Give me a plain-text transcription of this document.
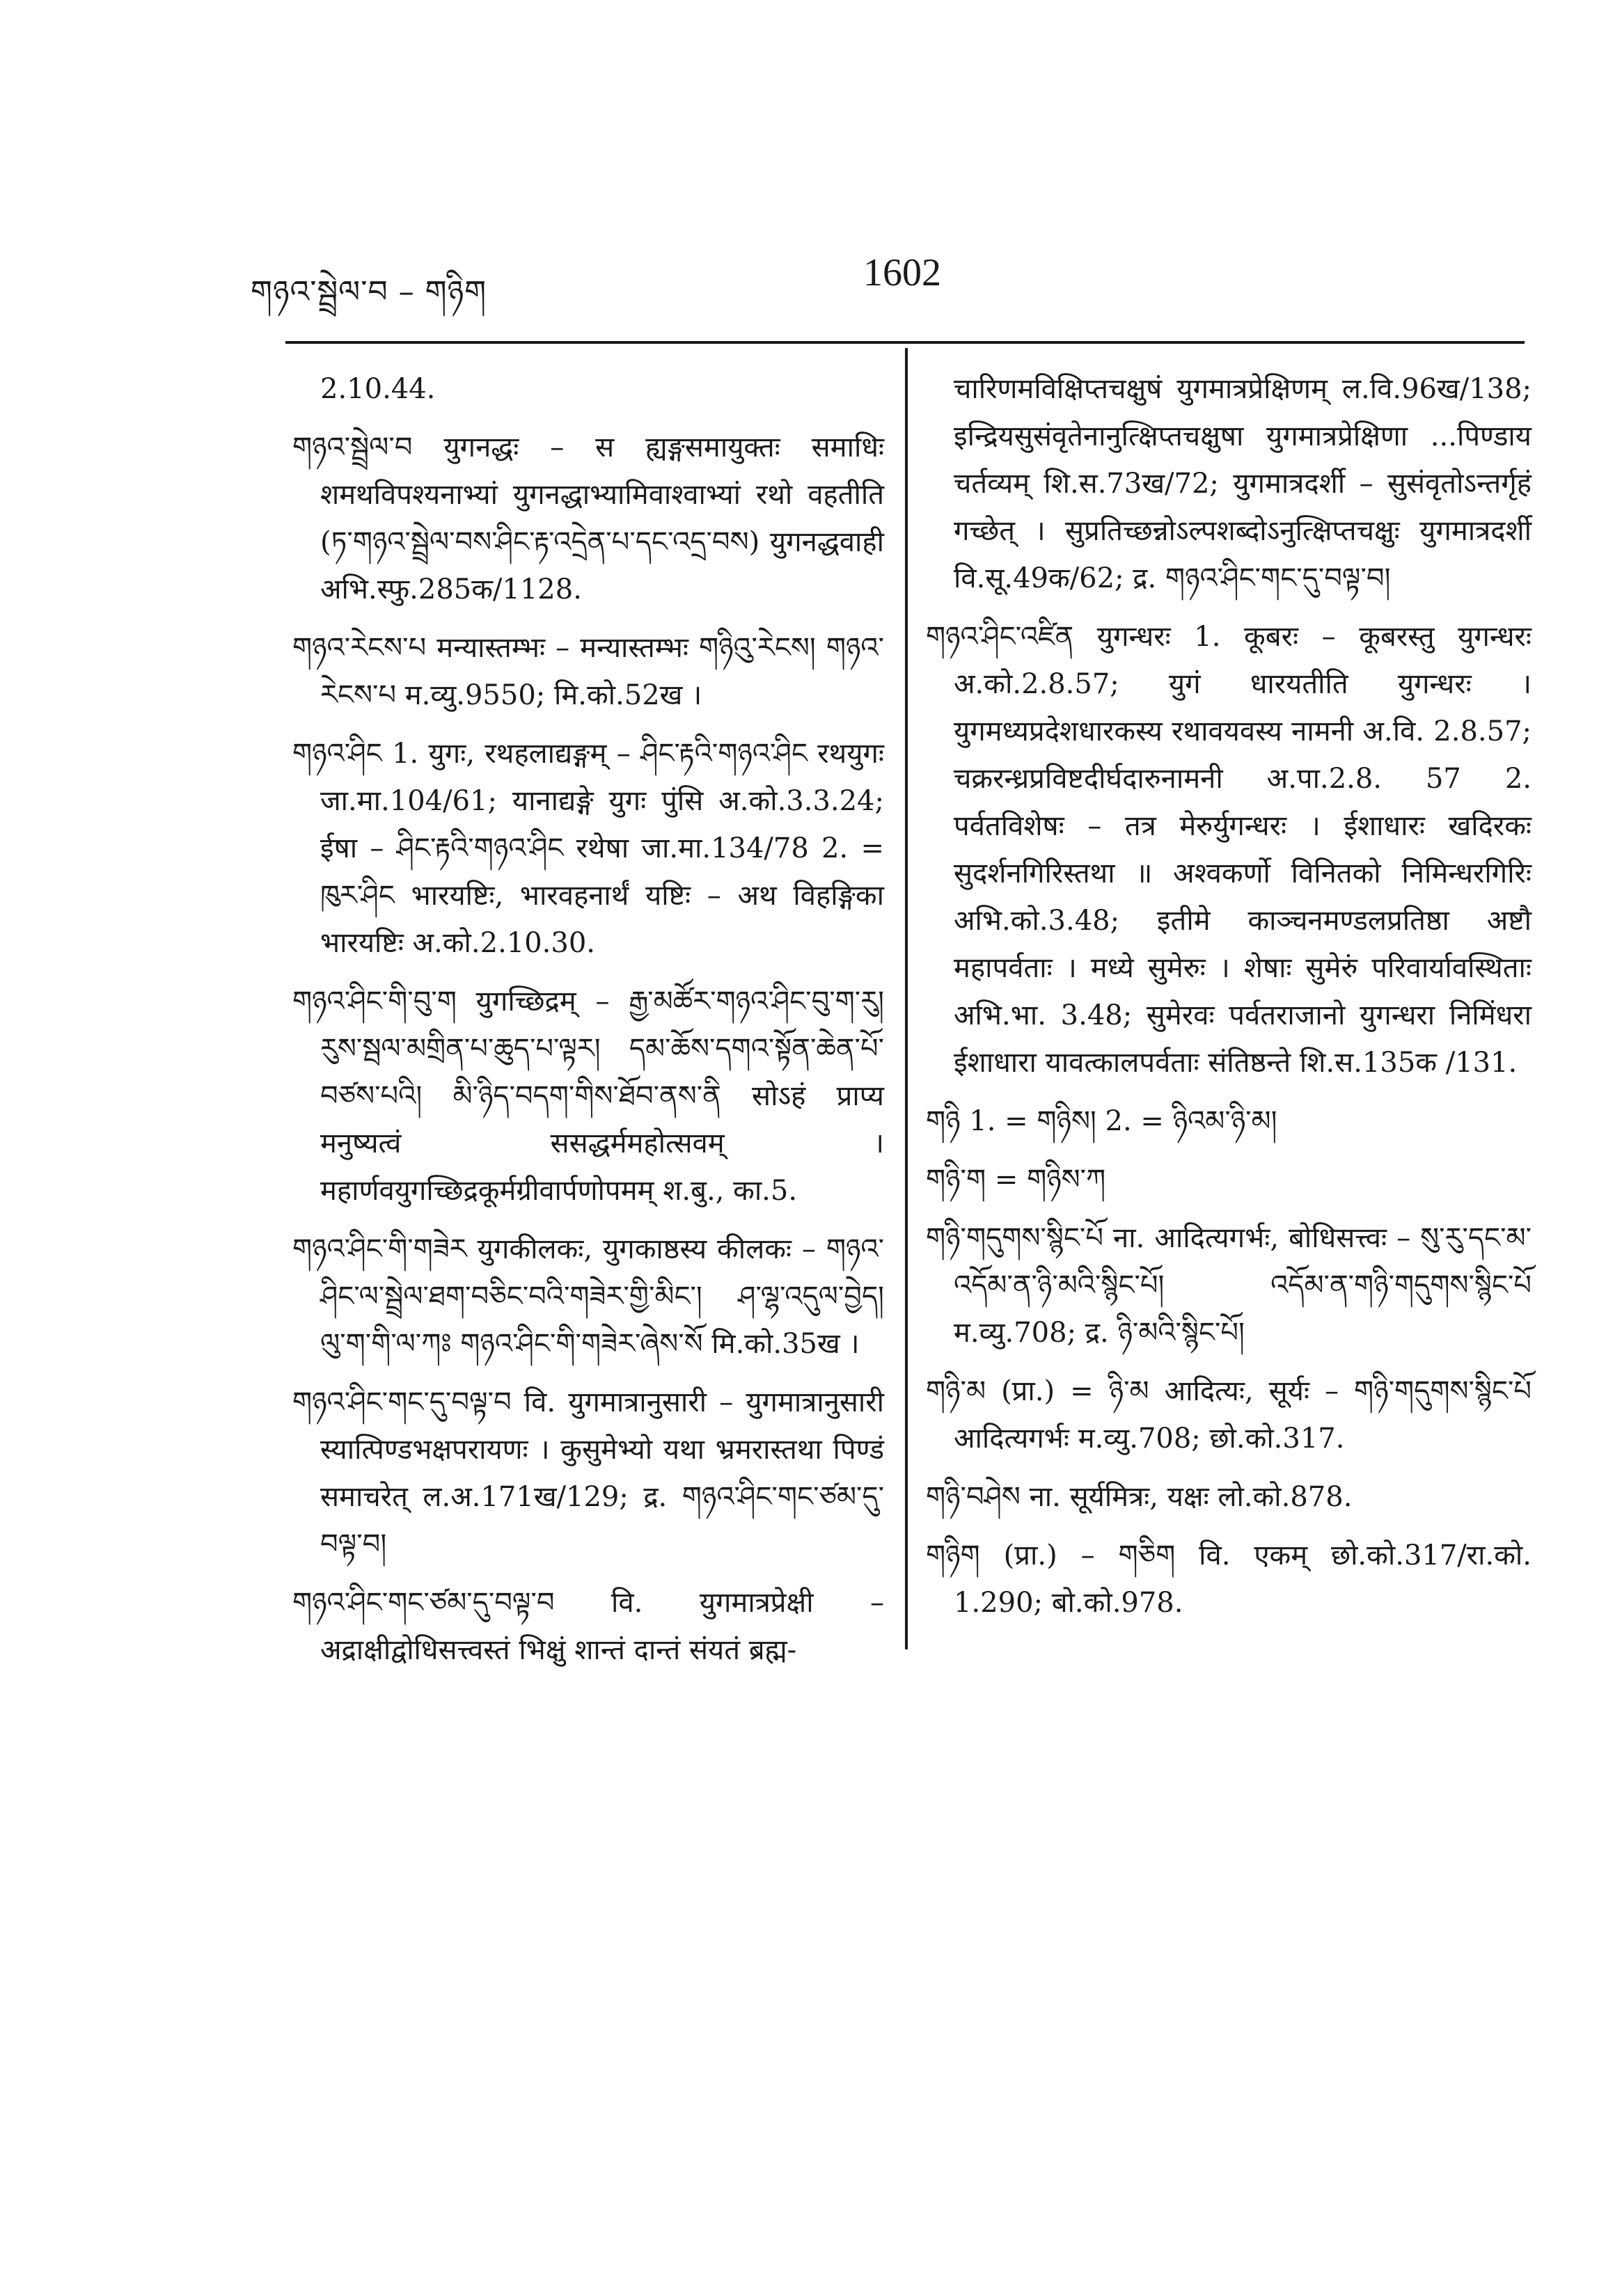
གཉའ་སྦྲེལ་བ – གཉིག	1602

2.10.44.

གཉའ་སྦྲེལ་བ युगनद्धः – स ह्यङ्गसमायुक्तः समाधिः शमथविपश्यनाभ्यां युगनद्धाभ्यामिवाश्वाभ्यां रथो वहतीति (ཏ་གཉའ་སྦྲེལ་བས་ཤིང་རྟ་འདྲེན་པ་དང་འདྲ་བས) युगनद्धवाही अभि.स्फु.285क/1128.

གཉའ་རེངས་པ मन्यास्तम्भः – मन्यास्तम्भः གཉིའུ་རེངས། གཉའ་རེངས་པ म.व्यु.9550; मि.को.52ख ।

གཉའ་ཤིང 1. युगः, रथहलाद्यङ्गम् – ཤིང་རྟའི་གཉའ་ཤིང रथयुगः जा.मा.104/61; यानाद्यङ्गे युगः पुंसि अ.को.3.3.24; ईषा – ཤིང་རྟའི་གཉའ་ཤིང रथेषा जा.मा.134/78 2. = ཁུར་ཤིང भारयष्टिः, भारवहनार्थं यष्टिः – अथ विहङ्गिका भारयष्टिः अ.को.2.10.30.

གཉའ་ཤིང་གི་བུ་ག युगच्छिद्रम् – རྒྱ་མཚོར་གཉའ་ཤིང་བུ་ག་རུ། རུས་སྦལ་མགྲིན་པ་ཆུད་པ་ལྟར། དམ་ཆོས་དགའ་སྟོན་ཆེན་པོ་བཙས་པའི། མི་ཉིད་བདག་གིས་ཐོབ་ནས་ནི सोऽहं प्राप्य मनुष्यत्वं ससद्धर्ममहोत्सवम् । महार्णवयुगच्छिद्रकूर्मग्रीवार्पणोपमम् श.बु., का.5.

གཉའ་ཤིང་གི་གཟེར युगकीलकः, युगकाष्ठस्य कीलकः – གཉའ་ཤིང་ལ་སྦྲེལ་ཐག་བཅིང་བའི་གཟེར་གྱི་མིང་། ཤ་ལྷ་འདུལ་བྱེད། ལུ་ག་གི་ལ་ཀཿ གཉའ་ཤིང་གི་གཟེར་ཞེས་སོ मि.को.35ख ।

གཉའ་ཤིང་གང་དུ་བལྟ་བ वि. युगमात्रानुसारी – युगमात्रानुसारी स्यात्पिण्डभक्षपरायणः । कुसुमेभ्यो यथा भ्रमरास्तथा पिण्डं समाचरेत् ल.अ.171ख/129; द्र. གཉའ་ཤིང་གང་ཙམ་དུ་བལྟ་བ།

གཉའ་ཤིང་གང་ཙམ་དུ་བལྟ་བ वि. युगमात्रप्रेक्षी – अद्राक्षीद्वोधिसत्त्वस्तं भिक्षुं शान्तं दान्तं संयतं ब्रह्म-

चारिणमविक्षिप्तचक्षुषं युगमात्रप्रेक्षिणम् ल.वि.96ख/138; इन्द्रियसुसंवृतेनानुत्क्षिप्तचक्षुषा युगमात्रप्रेक्षिणा ...पिण्डाय चर्तव्यम् शि.स.73ख/72; युगमात्रदर्शी – सुसंवृतोऽन्तर्गृहं गच्छेत् । सुप्रतिच्छन्नोऽल्पशब्दोऽनुत्क्षिप्तचक्षुः युगमात्रदर्शी वि.सू.49क/62; द्र. གཉའ་ཤིང་གང་དུ་བལྟ་བ།

གཉའ་ཤིང་འཛིན युगन्धरः 1. कूबरः – कूबरस्तु युगन्धरः अ.को.2.8.57; युगं धारयतीति युगन्धरः । युगमध्यप्रदेशधारकस्य रथावयवस्य नामनी अ.वि. 2.8.57; चक्ररन्ध्रप्रविष्टदीर्घदारुनामनी अ.पा.2.8. 57 2. पर्वतविशेषः – तत्र मेरुर्युगन्धरः । ईशाधारः खदिरकः सुदर्शनगिरिस्तथा ॥ अश्वकर्णो विनितको निमिन्धरगिरिः अभि.को.3.48; इतीमे काञ्चनमण्डलप्रतिष्ठा अष्टौ महापर्वताः । मध्ये सुमेरुः । शेषाः सुमेरुं परिवार्यावस्थिताः अभि.भा. 3.48; सुमेरवः पर्वतराजानो युगन्धरा निमिंधरा ईशाधारा यावत्कालपर्वताः संतिष्ठन्ते शि.स.135क /131.

གཉི 1. = གཉིས། 2. = ཉིའམ་ཉི་མ།

གཉི་ག = གཉིས་ཀ

གཉི་གདུགས་སྙིང་པོ ना. आदित्यगर्भः, बोधिसत्त्वः – སུ་རུ་དང་མ་འདོམ་ན་ཉི་མའི་སྙིང་པོ། འདོམ་ན་གཉི་གདུགས་སྙིང་པོ म.व्यु.708; द्र. ཉི་མའི་སྙིང་པོ།

གཉི་མ (प्रा.) = ཉི་མ आदित्यः, सूर्यः – གཉི་གདུགས་སྙིང་པོ आदित्यगर्भः म.व्यु.708; छो.को.317.

གཉི་བཤེས ना. सूर्यमित्रः, यक्षः लो.को.878.

གཉིག (प्रा.) – གཅིག वि. एकम् छो.को.317/रा.को. 1.290; बो.को.978.
